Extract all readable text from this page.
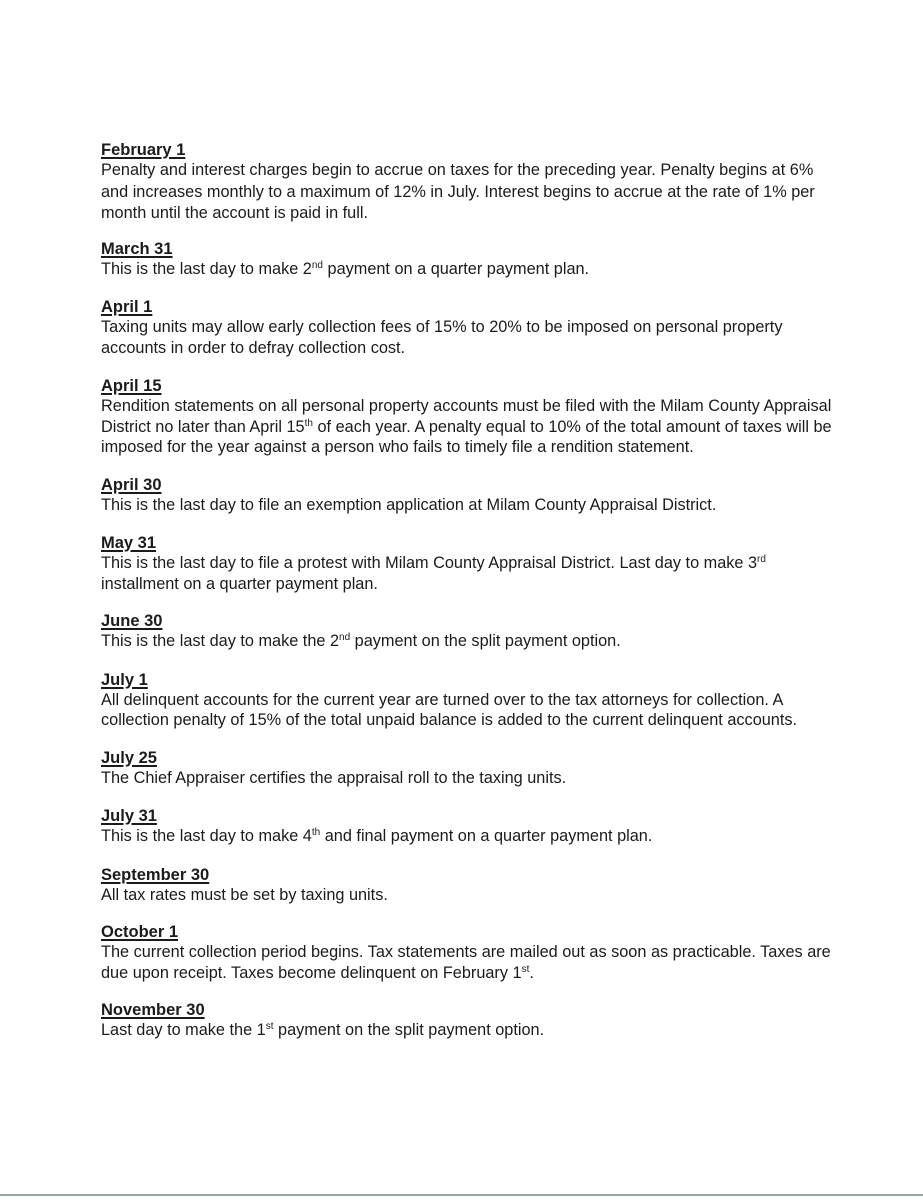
February 1
Penalty and interest charges begin to accrue on taxes for the preceding year. Penalty begins at 6% and increases monthly to a maximum of 12% in July. Interest begins to accrue at the rate of 1% per month until the account is paid in full.
March 31
This is the last day to make 2nd payment on a quarter payment plan.
April 1
Taxing units may allow early collection fees of 15% to 20% to be imposed on personal property accounts in order to defray collection cost.
April 15
Rendition statements on all personal property accounts must be filed with the Milam County Appraisal District no later than April 15th of each year. A penalty equal to 10% of the total amount of taxes will be imposed for the year against a person who fails to timely file a rendition statement.
April 30
This is the last day to file an exemption application at Milam County Appraisal District.
May 31
This is the last day to file a protest with Milam County Appraisal District. Last day to make 3rd installment on a quarter payment plan.
June 30
This is the last day to make the 2nd payment on the split payment option.
July 1
All delinquent accounts for the current year are turned over to the tax attorneys for collection. A collection penalty of 15% of the total unpaid balance is added to the current delinquent accounts.
July 25
The Chief Appraiser certifies the appraisal roll to the taxing units.
July 31
This is the last day to make 4th and final payment on a quarter payment plan.
September 30
All tax rates must be set by taxing units.
October 1
The current collection period begins. Tax statements are mailed out as soon as practicable. Taxes are due upon receipt. Taxes become delinquent on February 1st.
November 30
Last day to make the 1st payment on the split payment option.
